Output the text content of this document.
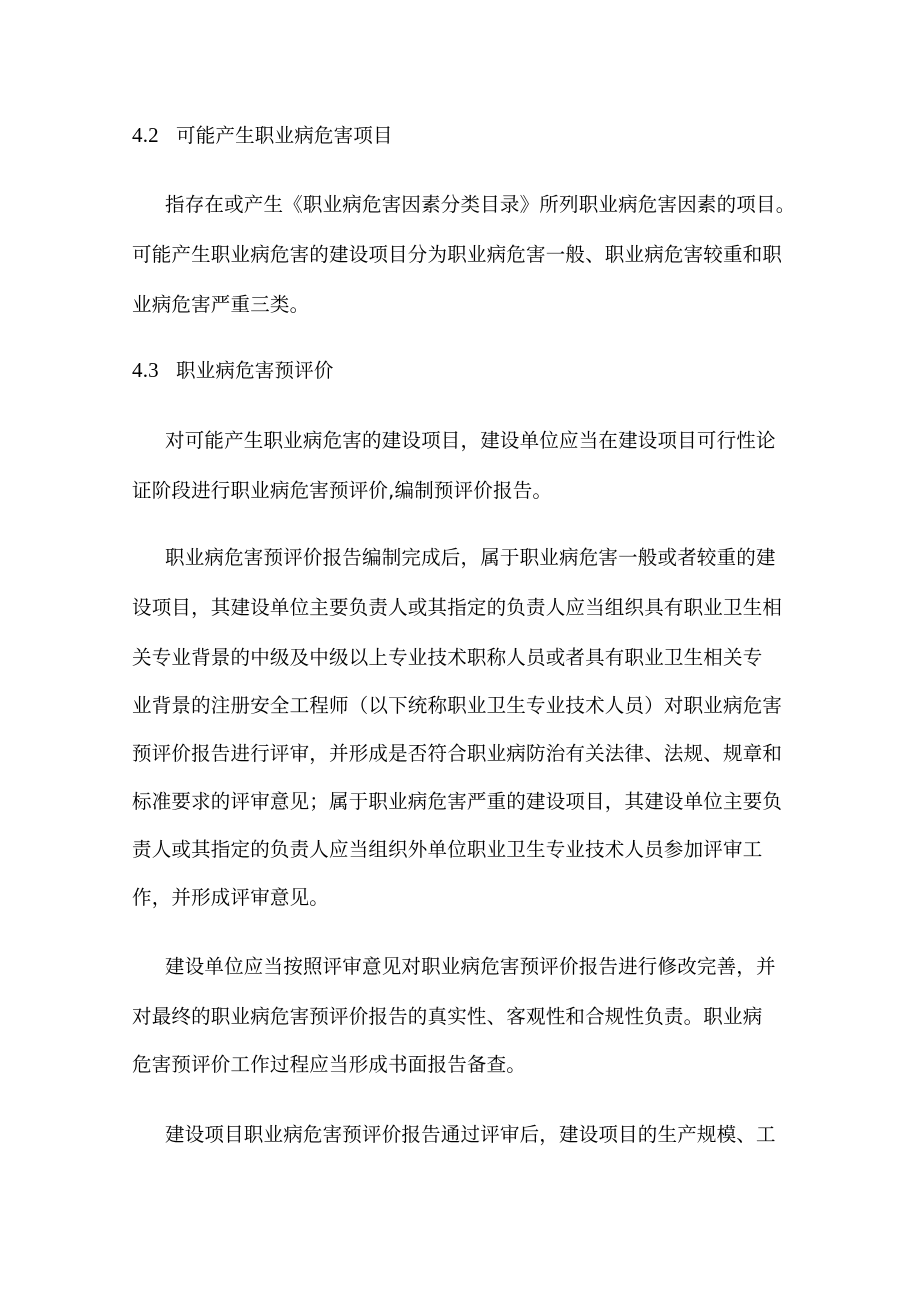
4.2 可能产生职业病危害项目
指存在或产生《职业病危害因素分类目录》所列职业病危害因素的项目。
可能产生职业病危害的建设项目分为职业病危害一般、职业病危害较重和职
业病危害严重三类。
4.3 职业病危害预评价
对可能产生职业病危害的建设项目，建设单位应当在建设项目可行性论
证阶段进行职业病危害预评价,编制预评价报告。
职业病危害预评价报告编制完成后，属于职业病危害一般或者较重的建
设项目，其建设单位主要负责人或其指定的负责人应当组织具有职业卫生相
关专业背景的中级及中级以上专业技术职称人员或者具有职业卫生相关专
业背景的注册安全工程师（以下统称职业卫生专业技术人员）对职业病危害
预评价报告进行评审，并形成是否符合职业病防治有关法律、法规、规章和
标准要求的评审意见；属于职业病危害严重的建设项目，其建设单位主要负
责人或其指定的负责人应当组织外单位职业卫生专业技术人员参加评审工
作，并形成评审意见。
建设单位应当按照评审意见对职业病危害预评价报告进行修改完善，并
对最终的职业病危害预评价报告的真实性、客观性和合规性负责。职业病
危害预评价工作过程应当形成书面报告备查。
建设项目职业病危害预评价报告通过评审后，建设项目的生产规模、工
